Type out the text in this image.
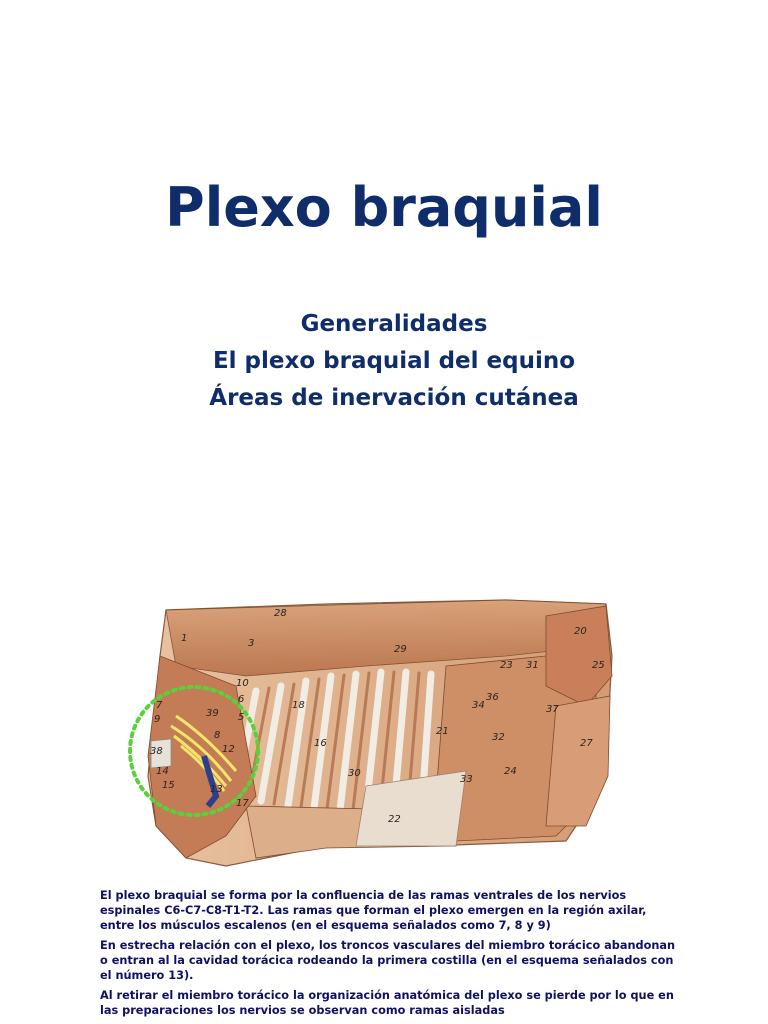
Plexo braquial
Generalidades
El plexo braquial del equino
Áreas de inervación cutánea
1	3
7
9
10
14
15	13
16
18
20
21
22
23
24
25
27
28
29
30
31
32
33
34
36
37
38
39
12
8
5
6
17

El plexo braquial se forma por la confluencia de las ramas ventrales de los nervios espinales C6-C7-C8-T1-T2. Las ramas que forman el plexo emergen en la región axilar, entre los músculos escalenos (en el esquema señalados como 7, 8 y 9)

En estrecha relación con el plexo, los troncos vasculares del miembro torácico abandonan o entran al la cavidad torácica rodeando la primera costilla (en el esquema señalados con el número 13).

Al retirar el miembro torácico la organización anatómica del plexo se pierde por lo que en las preparaciones los nervios se observan como ramas aisladas
